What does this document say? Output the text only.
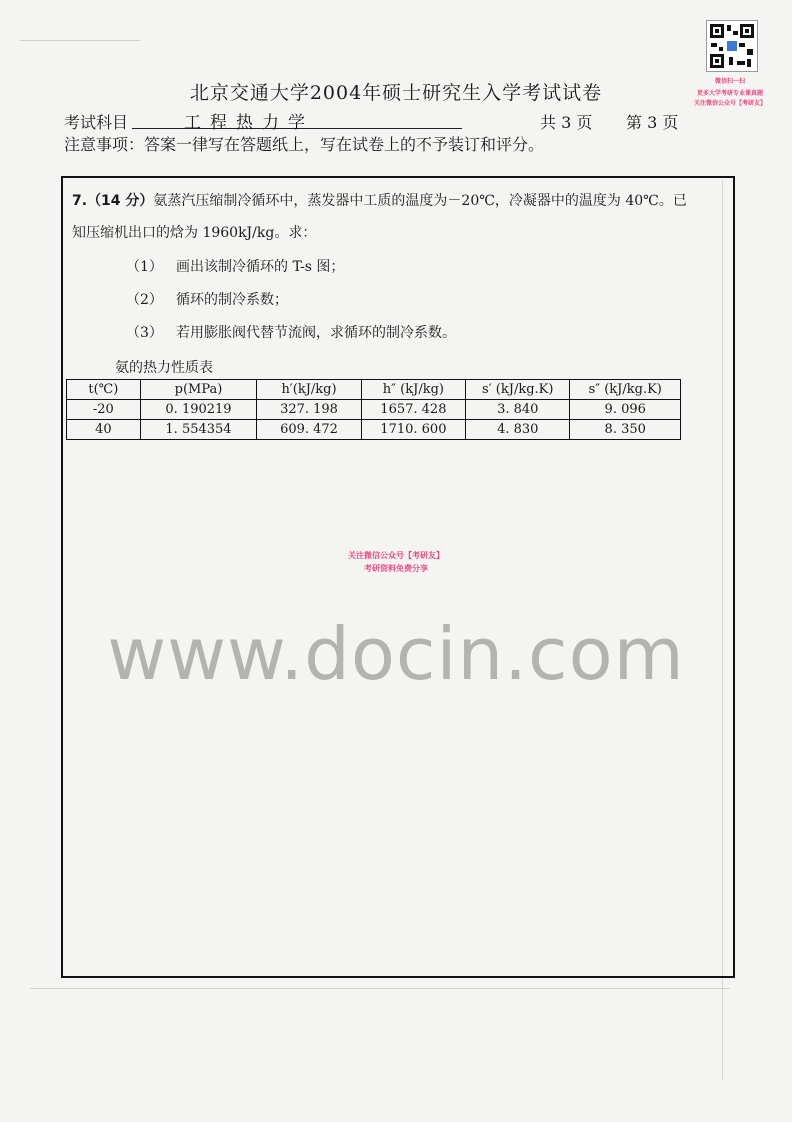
微信扫一扫
更多大学考研专业课真题
关注微信公众号【考研友】
北京交通大学2004年硕士研究生入学考试试卷
考试科目	工程热力学	共 3 页 第 3 页
注意事项：答案一律写在答题纸上，写在试卷上的不予装订和评分。
7.（14 分）氨蒸汽压缩制冷循环中，蒸发器中工质的温度为－20℃，冷凝器中的温度为 40℃。已
知压缩机出口的焓为 1960kJ/kg。求：
（1） 画出该制冷循环的 T-s 图；
（2） 循环的制冷系数；
（3） 若用膨胀阀代替节流阀，求循环的制冷系数。
氨的热力性质表
t(℃)	p(MPa)	h′(kJ/kg)	h″ (kJ/kg)	s′ (kJ/kg.K)	s″ (kJ/kg.K)
-20	0. 190219	327. 198	1657. 428	3. 840	9. 096
40	1. 554354	609. 472	1710. 600	4. 830	8. 350
关注微信公众号【考研友】
考研资料免费分享
www.docin.com
